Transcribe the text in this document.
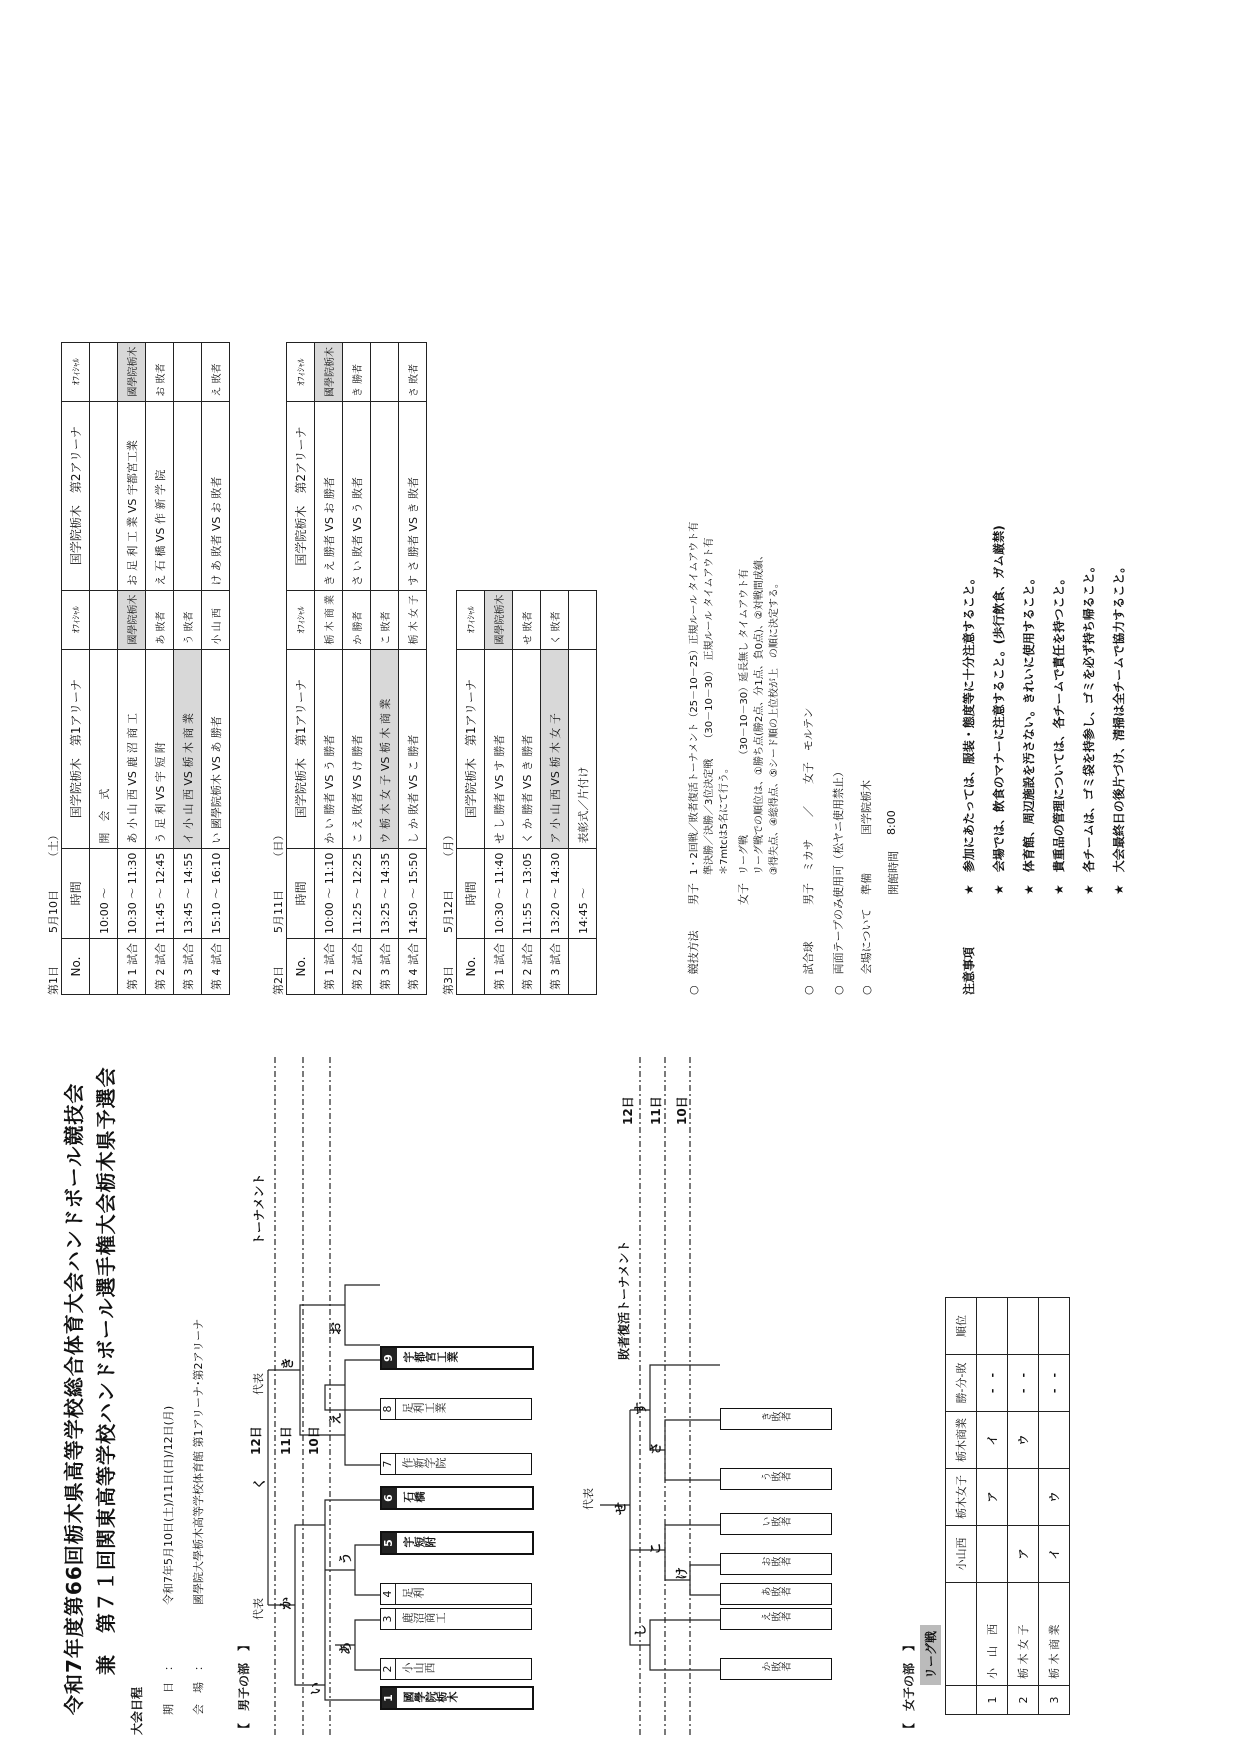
令和7年度第66回栃木県高等学校総合体育大会ハンドボール競技会 兼　第７１回関東高等学校ハンドボール選手権大会栃木県予選会
大会日程 期　日　：
令和7年5月10日(土)/11日(日)/12日(月)
会　場　：
國學院大學栃木高等学校体育館 第1アリーナ･第2アリーナ
【　男子の部　】
トーナメント
敗者復活トーナメント
12日 11日 10日
12日 11日 10日
代表
代表
代表
あ
い
う
え
お
か
き
く
け
こ
さ
し
す
せ
1 國學院栃木
2 小山西
3 鹿沼商工
4 足利
5 宇短附
6 石橋
7 作新学院
8 足利工業
9 宇都宮工業
か敗者
え敗者
あ敗者
お敗者
い敗者
う敗者
き敗者
【　女子の部　】 リーグ戦
		小山西	栃木女子	栃木商業	勝-分-敗	順位
1	小　山　西		ア	イ	-　-	
2	栃 木 女 子	ア		ウ	-　-	
3	栃 木 商 業	イ	ウ		-　-	
第1日　　　5月10日　　　（土） No.	時間	国学院栃木　第1アリーナ	ｵﾌｨｼｬﾙ	国学院栃木　第2アリーナ	ｵﾌｨｼｬﾙ
	10:00 ～	開　会　式			
第 1 試合	10:30 ～ 11:30	あ 小 山 西 VS 鹿 沼 商 工	國學院栃木	お 足 利 工 業 VS 宇都宮工業	國學院栃木
第 2 試合	11:45 ～ 12:45	う 足 利 VS 宇 短 附	あ 敗者	え 石 橋 VS 作 新 学 院	お 敗者
第 3 試合	13:45 ～ 14:55	イ 小 山 西 VS 栃 木 商 業	う 敗者		
第 4 試合	15:10 ～ 16:10	い 國學院栃木 VS あ 勝者	小 山 西	け あ 敗者 VS お 敗者	え 敗者
第2日　　　5月11日　　　（日） No.	時間	国学院栃木　第1アリーナ	ｵﾌｨｼｬﾙ	国学院栃木　第2アリーナ	ｵﾌｨｼｬﾙ
第 1 試合	10:00 ～ 11:10	か い 勝者 VS う 勝者	栃 木 商 業	き え 勝者 VS お 勝者	國學院栃木
第 2 試合	11:25 ～ 12:25	こ え 敗者 VS け 勝者	か 勝者	さ い 敗者 VS う 敗者	き 勝者
第 3 試合	13:25 ～ 14:35	ウ 栃 木 女 子 VS 栃 木 商 業	こ 敗者		
第 4 試合	14:50 ～ 15:50	し か 敗者 VS こ 勝者	栃 木 女 子	す さ 勝者 VS き 敗者	さ 敗者
第3日　　　5月12日　　　（月） No.	時間	国学院栃木　第1アリーナ	ｵﾌｨｼｬﾙ
第 1 試合	10:30 ～ 11:40	せ し 勝者 VS す 勝者	國學院栃木
第 2 試合	11:55 ～ 13:05	く か 勝者 VS き 勝者	せ 敗者
第 3 試合	13:20 ～ 14:30	ア 小 山 西 VS 栃 木 女 子	く 敗者
	14:45 ～	表彰式／片付け	
○　競技方法
男子
1・2回戦／敗者復活トーナメント（25－10－25）正規ルール タイムアウト有 準決勝／決勝／3位決定戦　　（30－10－30）　正規ルール タイムアウト有 ＊7mtcは5名にて行う。
女子
リーグ戦　　　　　　　　（30－10－30）延長無し タイムアウト有 リーグ戦での順位は、①勝ち点(勝2点、分1点、負0点)、②対戦間成績、 ③得失点、④総得点、⑤シード順の上位校が上　の順に決定する。
○　試合球
男子　ミカサ　　／　　女子　モルテン ○　両面テープのみ使用可（松ヤニ使用禁止） ○　会場について
準備
国学院栃木
開館時間
8:00
注意事項
★　参加にあたっては、服装・態度等に十分注意すること。 ★　会場では、飲食のマナーに注意すること。(歩行飲食、ガム厳禁) ★　体育館、周辺施設を汚さない。きれいに使用すること。 ★　貴重品の管理については、各チームで責任を持つこと。 ★　各チームは、ゴミ袋を持参し、ゴミを必ず持ち帰ること。 ★　大会最終日の後片づけ、清掃は全チームで協力すること。
